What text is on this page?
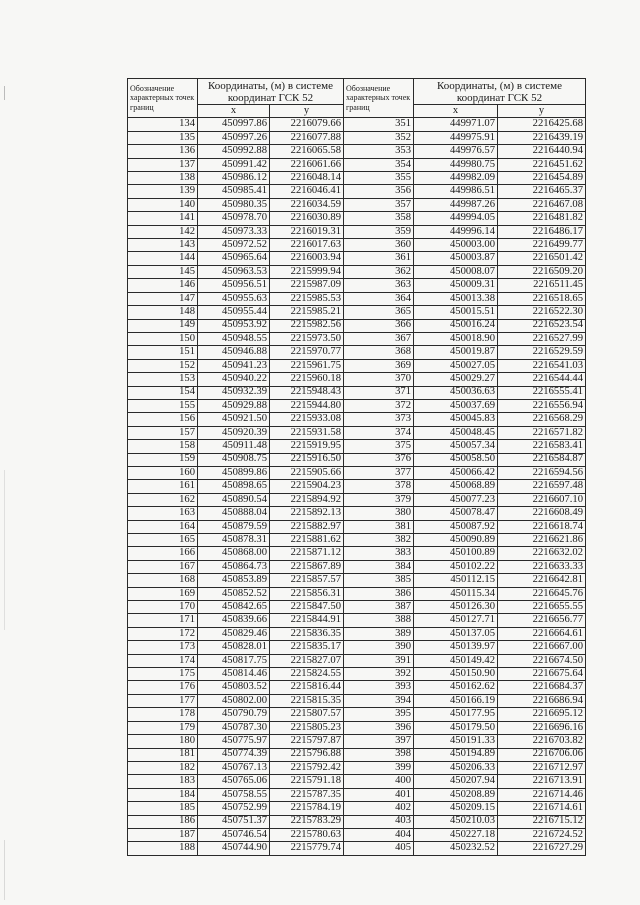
Обозначение характерных точек границ	Координаты, (м) в системе координат ГСК 52		Обозначение характерных точек границ	Координаты, (м) в системе координат ГСК 52	
	x	y		x	y
134	450997.86	2216079.66	351	449971.07	2216425.68
135	450997.26	2216077.88	352	449975.91	2216439.19
136	450992.88	2216065.58	353	449976.57	2216440.94
137	450991.42	2216061.66	354	449980.75	2216451.62
138	450986.12	2216048.14	355	449982.09	2216454.89
139	450985.41	2216046.41	356	449986.51	2216465.37
140	450980.35	2216034.59	357	449987.26	2216467.08
141	450978.70	2216030.89	358	449994.05	2216481.82
142	450973.33	2216019.31	359	449996.14	2216486.17
143	450972.52	2216017.63	360	450003.00	2216499.77
144	450965.64	2216003.94	361	450003.87	2216501.42
145	450963.53	2215999.94	362	450008.07	2216509.20
146	450956.51	2215987.09	363	450009.31	2216511.45
147	450955.63	2215985.53	364	450013.38	2216518.65
148	450955.44	2215985.21	365	450015.51	2216522.30
149	450953.92	2215982.56	366	450016.24	2216523.54
150	450948.55	2215973.50	367	450018.90	2216527.99
151	450946.88	2215970.77	368	450019.87	2216529.59
152	450941.23	2215961.75	369	450027.05	2216541.03
153	450940.22	2215960.18	370	450029.27	2216544.44
154	450932.39	2215948.43	371	450036.63	2216555.41
155	450929.88	2215944.80	372	450037.69	2216556.94
156	450921.50	2215933.08	373	450045.83	2216568.29
157	450920.39	2215931.58	374	450048.45	2216571.82
158	450911.48	2215919.95	375	450057.34	2216583.41
159	450908.75	2215916.50	376	450058.50	2216584.87
160	450899.86	2215905.66	377	450066.42	2216594.56
161	450898.65	2215904.23	378	450068.89	2216597.48
162	450890.54	2215894.92	379	450077.23	2216607.10
163	450888.04	2215892.13	380	450078.47	2216608.49
164	450879.59	2215882.97	381	450087.92	2216618.74
165	450878.31	2215881.62	382	450090.89	2216621.86
166	450868.00	2215871.12	383	450100.89	2216632.02
167	450864.73	2215867.89	384	450102.22	2216633.33
168	450853.89	2215857.57	385	450112.15	2216642.81
169	450852.52	2215856.31	386	450115.34	2216645.76
170	450842.65	2215847.50	387	450126.30	2216655.55
171	450839.66	2215844.91	388	450127.71	2216656.77
172	450829.46	2215836.35	389	450137.05	2216664.61
173	450828.01	2215835.17	390	450139.97	2216667.00
174	450817.75	2215827.07	391	450149.42	2216674.50
175	450814.46	2215824.55	392	450150.90	2216675.64
176	450803.52	2215816.44	393	450162.62	2216684.37
177	450802.00	2215815.35	394	450166.19	2216686.94
178	450790.79	2215807.57	395	450177.95	2216695.12
179	450787.30	2215805.23	396	450179.50	2216696.16
180	450775.97	2215797.87	397	450191.33	2216703.82
181	450774.39	2215796.88	398	450194.89	2216706.06
182	450767.13	2215792.42	399	450206.33	2216712.97
183	450765.06	2215791.18	400	450207.94	2216713.91
184	450758.55	2215787.35	401	450208.89	2216714.46
185	450752.99	2215784.19	402	450209.15	2216714.61
186	450751.37	2215783.29	403	450210.03	2216715.12
187	450746.54	2215780.63	404	450227.18	2216724.52
188	450744.90	2215779.74	405	450232.52	2216727.29
